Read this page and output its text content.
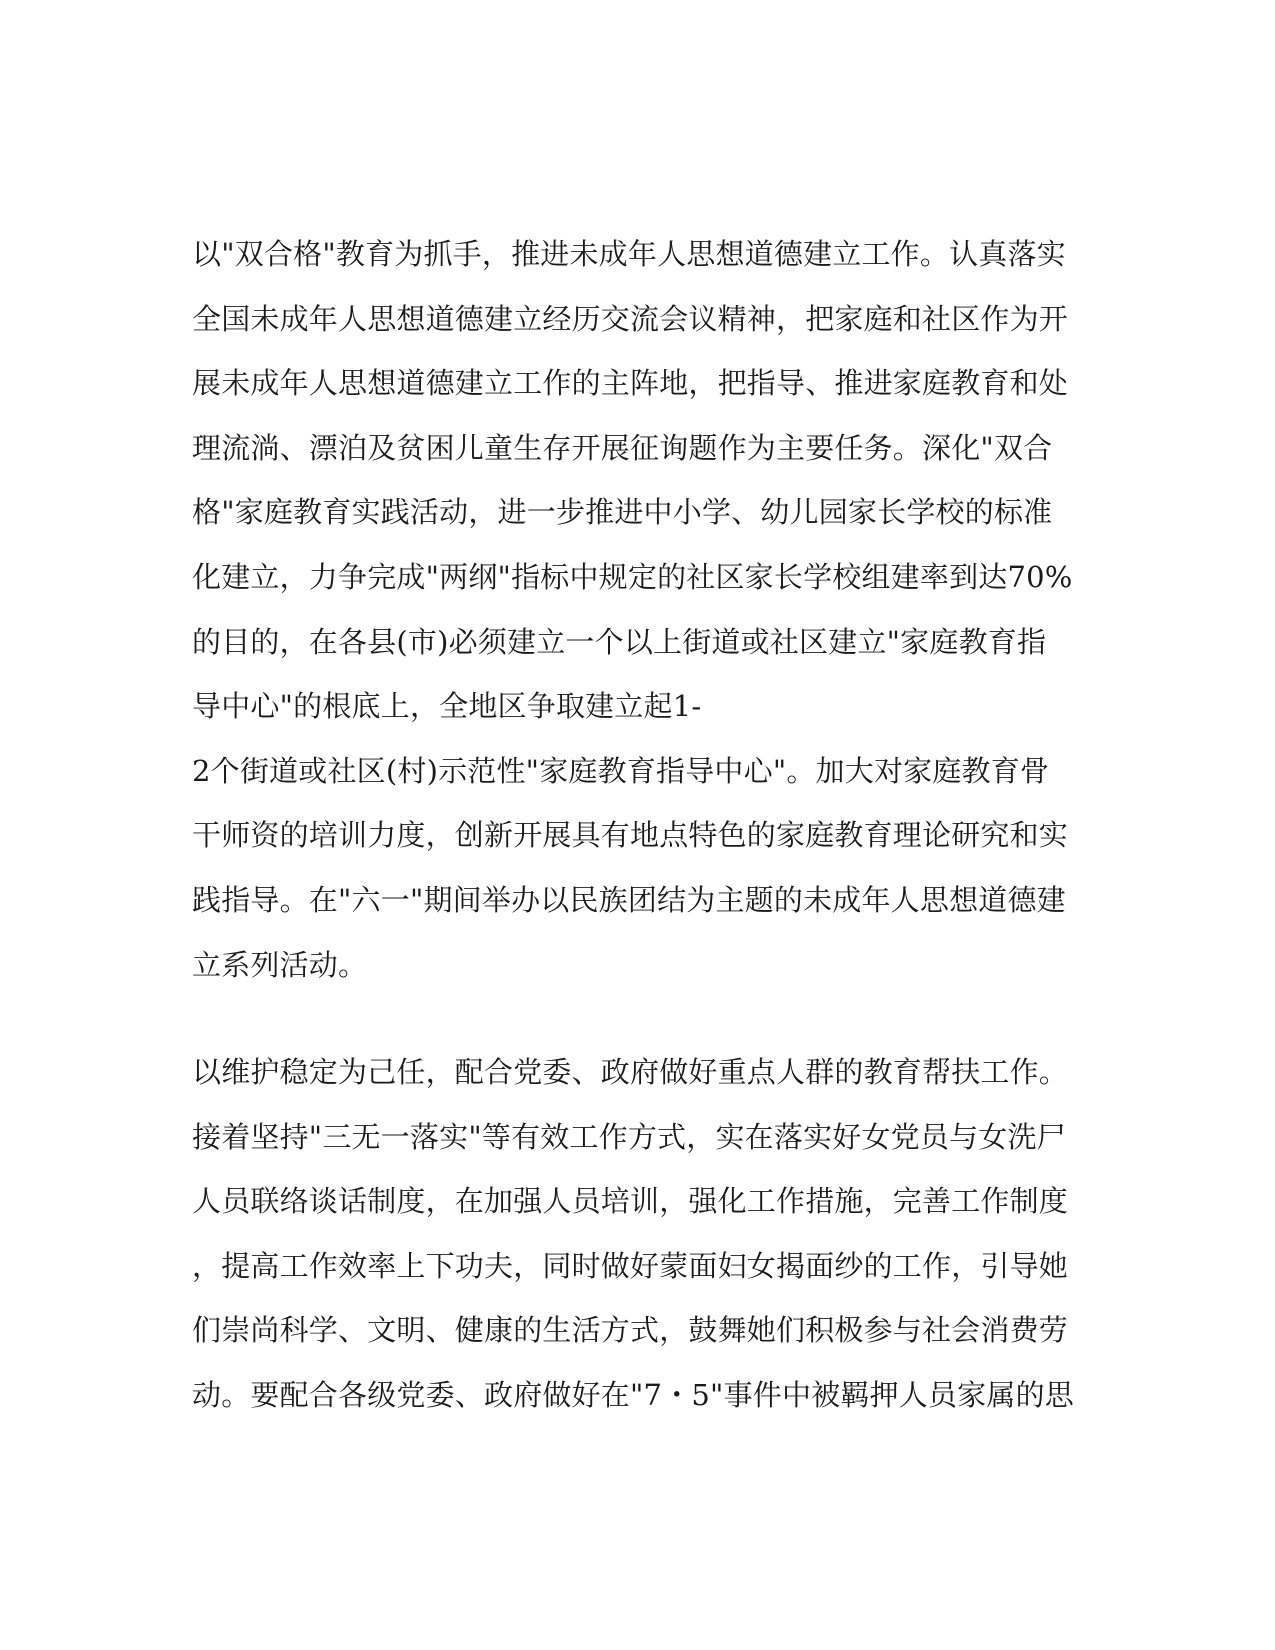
以"双合格"教育为抓手，推进未成年人思想道德建立工作。认真落实
全国未成年人思想道德建立经历交流会议精神，把家庭和社区作为开
展未成年人思想道德建立工作的主阵地，把指导、推进家庭教育和处
理流淌、漂泊及贫困儿童生存开展征询题作为主要任务。深化"双合
格"家庭教育实践活动，进一步推进中小学、幼儿园家长学校的标准
化建立，力争完成"两纲"指标中规定的社区家长学校组建率到达70%
的目的，在各县(市)必须建立一个以上街道或社区建立"家庭教育指
导中心"的根底上，全地区争取建立起1-
2个街道或社区(村)示范性"家庭教育指导中心"。加大对家庭教育骨
干师资的培训力度，创新开展具有地点特色的家庭教育理论研究和实
践指导。在"六一"期间举办以民族团结为主题的未成年人思想道德建
立系列活动。
以维护稳定为己任，配合党委、政府做好重点人群的教育帮扶工作。
接着坚持"三无一落实"等有效工作方式，实在落实好女党员与女洗尸
人员联络谈话制度，在加强人员培训，强化工作措施，完善工作制度
，提高工作效率上下功夫，同时做好蒙面妇女揭面纱的工作，引导她
们崇尚科学、文明、健康的生活方式，鼓舞她们积极参与社会消费劳
动。要配合各级党委、政府做好在"7・5"事件中被羁押人员家属的思
